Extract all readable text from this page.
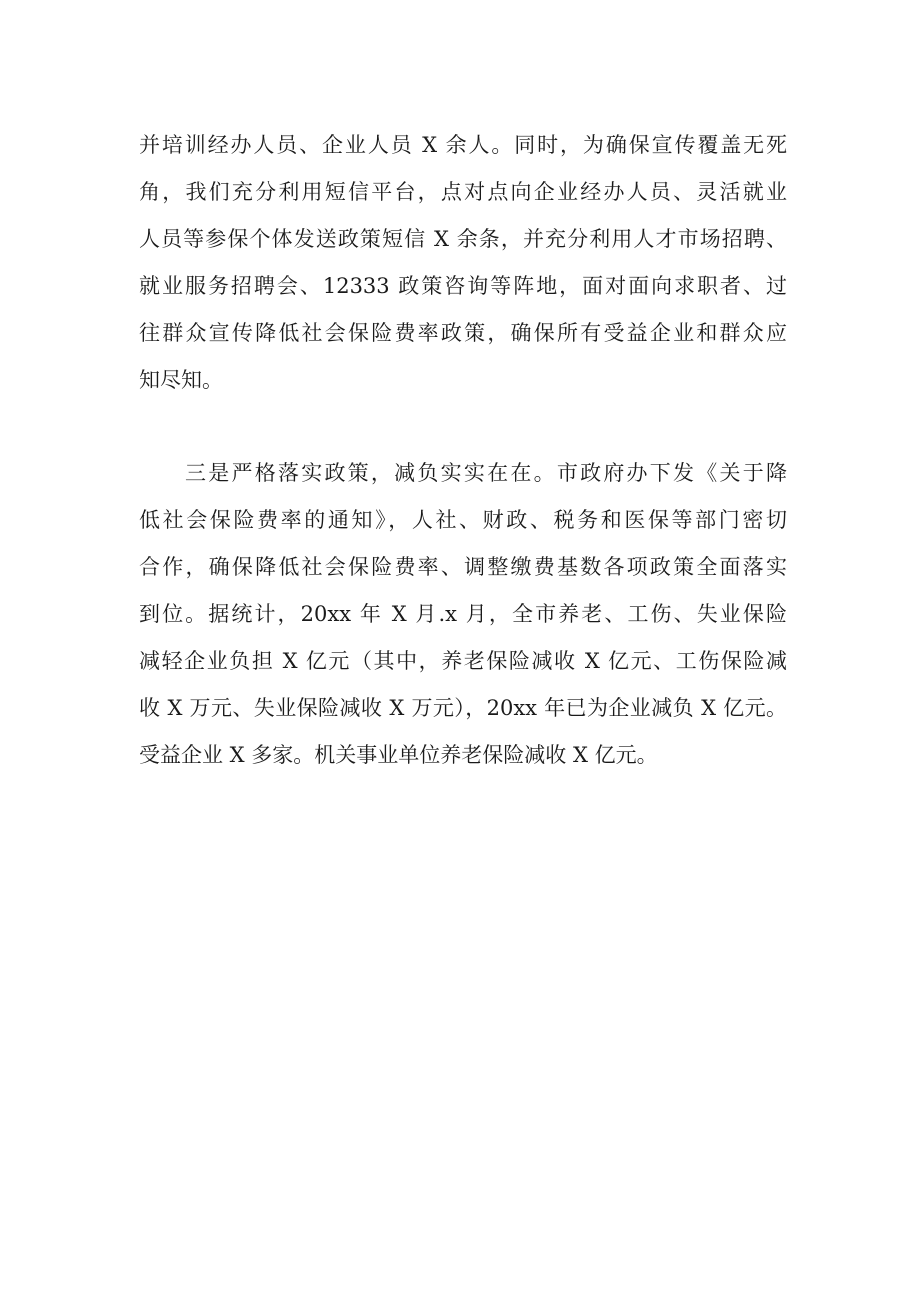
并培训经办人员、企业人员 X 余人。同时，为确保宣传覆盖无死
角，我们充分利用短信平台，点对点向企业经办人员、灵活就业
人员等参保个体发送政策短信 X 余条，并充分利用人才市场招聘、
就业服务招聘会、12333 政策咨询等阵地，面对面向求职者、过
往群众宣传降低社会保险费率政策，确保所有受益企业和群众应
知尽知。
三是严格落实政策，减负实实在在。市政府办下发《关于降
低社会保险费率的通知》，人社、财政、税务和医保等部门密切
合作，确保降低社会保险费率、调整缴费基数各项政策全面落实
到位。据统计，20xx 年 X 月.x 月，全市养老、工伤、失业保险
减轻企业负担 X 亿元（其中，养老保险减收 X 亿元、工伤保险减
收 X 万元、失业保险减收 X 万元），20xx 年已为企业减负 X 亿元。
受益企业 X 多家。机关事业单位养老保险减收 X 亿元。
